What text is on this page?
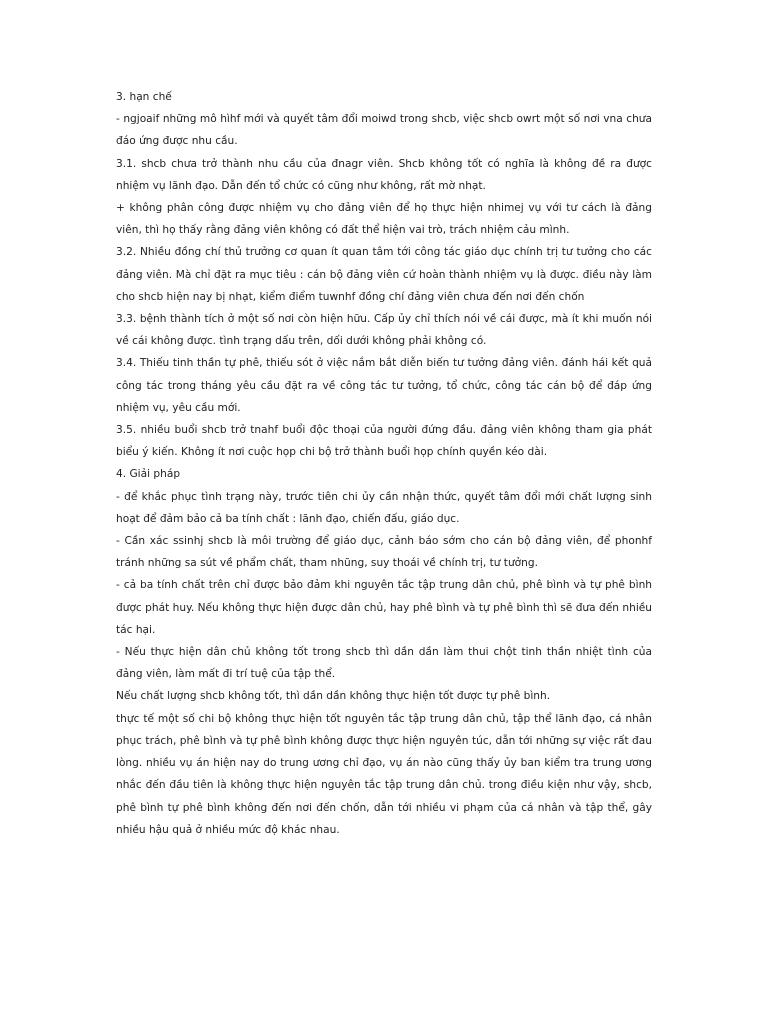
3. hạn chế

- ngjoaif những mô hìhf mới và quyết tâm đổi moiwd trong shcb, việc shcb owrt một số nơi vna chưa đáo ứng được nhu cầu.

3.1. shcb chưa trở thành nhu cầu của đnagr viên. Shcb không tốt có nghĩa là không đề ra được nhiệm vụ lãnh đạo. Dẫn đến tổ chức có cũng như không, rất mờ nhạt.

+ không phân công được nhiệm vụ cho đảng viên để họ thực hiện nhimej vụ với tư cách là đảng viên, thì họ thấy rằng đảng viên không có đất thể hiện vai trò, trách nhiệm cảu mình.

3.2. Nhiều đồng chí thủ trưởng cơ quan ít quan tâm tới công tác giáo dục chính trị tư tưởng cho các đảng viên. Mà chỉ đặt ra mục tiêu : cán bộ đảng viên cứ hoàn thành nhiệm vụ là được. điều này làm cho shcb hiện nay bị nhạt, kiểm điểm tuwnhf đồng chí đảng viên chưa đến nơi đến chốn

3.3. bệnh thành tích ở một số nơi còn hiện hữu. Cấp ủy chỉ thích nói về cái được, mà ít khi muốn nói về cái không được. tình trạng dấu trên, dối dưới không phải không có.

3.4. Thiếu tinh thần tự phê, thiếu sót ở việc nắm bắt diễn biến tư tưởng đảng viên. đánh hái kết quả công tác trong tháng yêu cầu đặt ra về công tác tư tưởng, tổ chức, công tác cán bộ để đáp ứng nhiệm vụ, yêu cầu mới.

3.5. nhiều buổi shcb trở tnahf buổi độc thoại của người đứng đầu. đảng viên không tham gia phát biểu ý kiến. Không ít nơi cuộc họp chi bộ trở thành buổi họp chính quyền kéo dài.

4. Giải pháp

- để khắc phục tình trạng này, trước tiên chi ủy cần nhận thức, quyết tâm đổi mới chất lượng sinh hoạt để đảm bảo cả ba tính chất : lãnh đạo, chiến đấu, giáo dục.

- Cần xác ssinhj shcb là môi trường để giáo dục, cảnh báo sớm cho cán bộ đảng viên, để phonhf tránh những sa sút về phẩm chất, tham nhũng, suy thoái về chính trị, tư tưởng.

- cả ba tính chất trên chỉ được bảo đảm khi nguyên tắc tập trung dân chủ, phê bình và tự phê bình được phát huy. Nếu không thực hiện được dân chủ, hay phê bình và tự phê bình thì sẽ đưa đến nhiều tác hại.

- Nếu thực hiện dân chủ không tốt trong shcb thì dần dần làm thui chột tinh thần nhiệt tình của đảng viên, làm mất đi trí tuệ của tập thể.

Nếu chất lượng shcb không tốt, thì dần dần không thực hiện tốt được tự phê bình.

thực tế một số chi bộ không thực hiện tốt nguyên tắc tập trung dân chủ, tập thể lãnh đạo, cá nhân phục trách, phê bình và tự phê bình không được thực hiện nguyên túc, dẫn tới những sự việc rất đau lòng. nhiều vụ án hiện nay do trung ương chỉ đạo, vụ án nào cũng thấy ủy ban kiểm tra trung ương nhắc đến đầu tiên là không thực hiện nguyên tắc tập trung dân chủ. trong điều kiện như vậy, shcb, phê bình tự phê bình không đến nơi đến chốn, dẫn tới nhiều vi phạm của cá nhân và tập thể, gây nhiều hậu quả ở nhiều mức độ khác nhau.
